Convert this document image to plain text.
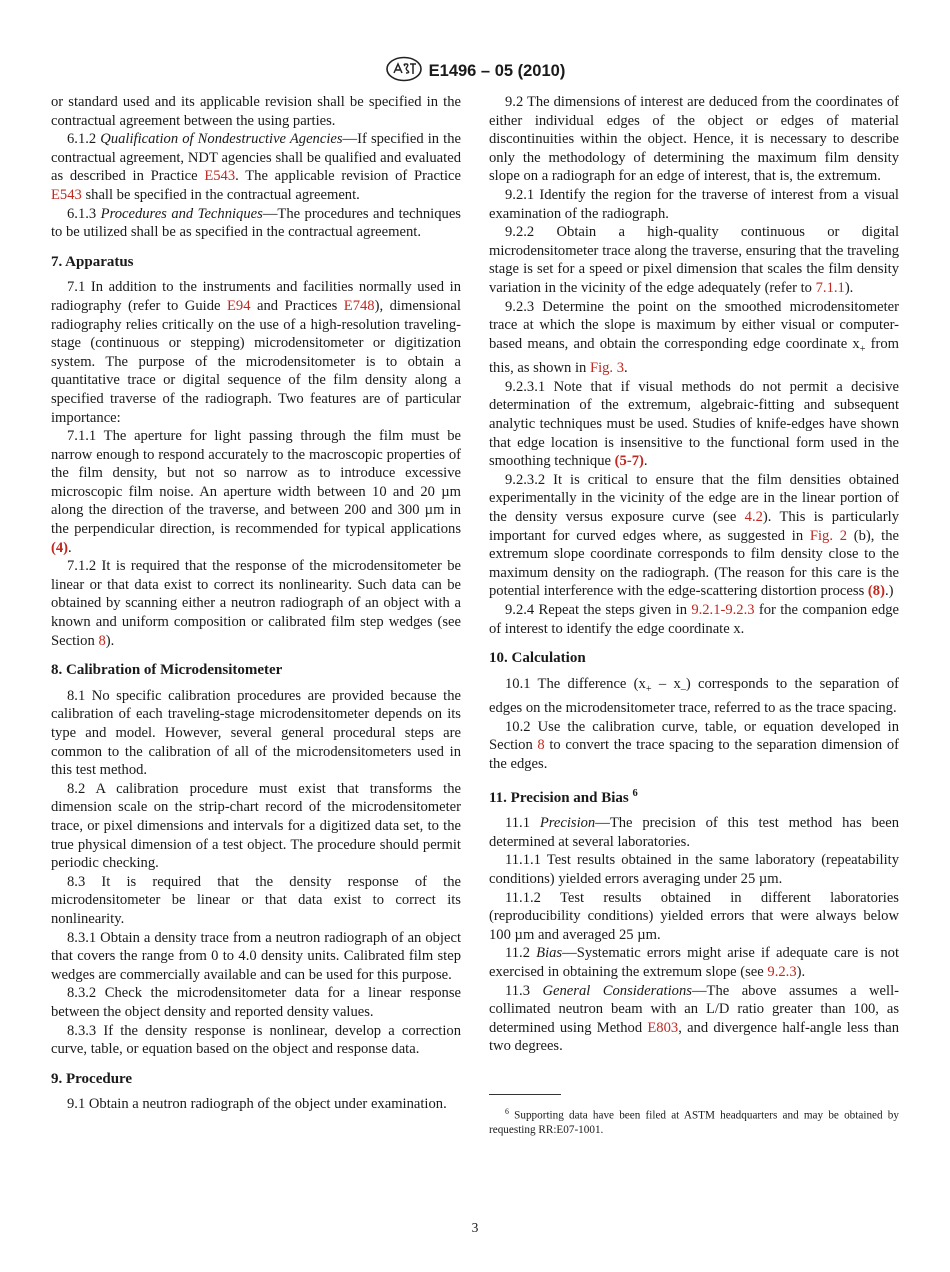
E1496 – 05 (2010)

or standard used and its applicable revision shall be specified in the contractual agreement between the using parties.

6.1.2 Qualification of Nondestructive Agencies—If specified in the contractual agreement, NDT agencies shall be qualified and evaluated as described in Practice E543. The applicable revision of Practice E543 shall be specified in the contractual agreement.

6.1.3 Procedures and Techniques—The procedures and techniques to be utilized shall be as specified in the contractual agreement.

7. Apparatus

7.1 In addition to the instruments and facilities normally used in radiography (refer to Guide E94 and Practices E748), dimensional radiography relies critically on the use of a high-resolution traveling-stage (continuous or stepping) microdensitometer or digitization system. The purpose of the microdensitometer is to obtain a quantitative trace or digital sequence of the film density along a specified traverse of the radiograph. Two features are of particular importance:

7.1.1 The aperture for light passing through the film must be narrow enough to respond accurately to the macroscopic properties of the film density, but not so narrow as to introduce excessive microscopic film noise. An aperture width between 10 and 20 µm along the direction of the traverse, and between 200 and 300 µm in the perpendicular direction, is recommended for typical applications (4).

7.1.2 It is required that the response of the microdensitometer be linear or that data exist to correct its nonlinearity. Such data can be obtained by scanning either a neutron radiograph of an object with a known and uniform composition or calibrated film step wedges (see Section 8).

8. Calibration of Microdensitometer

8.1 No specific calibration procedures are provided because the calibration of each traveling-stage microdensitometer depends on its type and model. However, several general procedural steps are common to the calibration of all of the microdensitometers used in this test method.

8.2 A calibration procedure must exist that transforms the dimension scale on the strip-chart record of the microdensitometer trace, or pixel dimensions and intervals for a digitized data set, to the true physical dimension of a test object. The procedure should permit periodic checking.

8.3 It is required that the density response of the microdensitometer be linear or that data exist to correct its nonlinearity.

8.3.1 Obtain a density trace from a neutron radiograph of an object that covers the range from 0 to 4.0 density units. Calibrated film step wedges are commercially available and can be used for this purpose.

8.3.2 Check the microdensitometer data for a linear response between the object density and reported density values.

8.3.3 If the density response is nonlinear, develop a correction curve, table, or equation based on the object and response data.

9. Procedure

9.1 Obtain a neutron radiograph of the object under examination.

9.2 The dimensions of interest are deduced from the coordinates of either individual edges of the object or edges of material discontinuities within the object. Hence, it is necessary to describe only the methodology of determining the maximum film density slope on a radiograph for an edge of interest, that is, the extremum.

9.2.1 Identify the region for the traverse of interest from a visual examination of the radiograph.

9.2.2 Obtain a high-quality continuous or digital microdensitometer trace along the traverse, ensuring that the traveling stage is set for a speed or pixel dimension that scales the film density variation in the vicinity of the edge adequately (refer to 7.1.1).

9.2.3 Determine the point on the smoothed microdensitometer trace at which the slope is maximum by either visual or computer-based means, and obtain the corresponding edge coordinate $x_+$ from this, as shown in Fig. 3.

9.2.3.1 Note that if visual methods do not permit a decisive determination of the extremum, algebraic-fitting and subsequent analytic techniques must be used. Studies of knife-edges have shown that edge location is insensitive to the functional form used in the smoothing technique (5-7).

9.2.3.2 It is critical to ensure that the film densities obtained experimentally in the vicinity of the edge are in the linear portion of the density versus exposure curve (see 4.2). This is particularly important for curved edges where, as suggested in Fig. 2 (b), the extremum slope coordinate corresponds to film density close to the maximum density on the radiograph. (The reason for this care is the potential interference with the edge-scattering distortion process (8).)

9.2.4 Repeat the steps given in 9.2.1-9.2.3 for the companion edge of interest to identify the edge coordinate x.

10. Calculation

10.1 The difference $(x_+ - x_-)$ corresponds to the separation of edges on the microdensitometer trace, referred to as the trace spacing.

10.2 Use the calibration curve, table, or equation developed in Section 8 to convert the trace spacing to the separation dimension of the edges.

11. Precision and Bias $^6$

11.1 Precision—The precision of this test method has been determined at several laboratories.

11.1.1 Test results obtained in the same laboratory (repeatability conditions) yielded errors averaging under 25 µm.

11.1.2 Test results obtained in different laboratories (reproducibility conditions) yielded errors that were always below 100 µm and averaged 25 µm.

11.2 Bias—Systematic errors might arise if adequate care is not exercised in obtaining the extremum slope (see 9.2.3).

11.3 General Considerations—The above assumes a well-collimated neutron beam with an L/D ratio greater than 100, as determined using Method E803, and divergence half-angle less than two degrees.

$^6$ Supporting data have been filed at ASTM headquarters and may be obtained by requesting RR:E07-1001.

3
